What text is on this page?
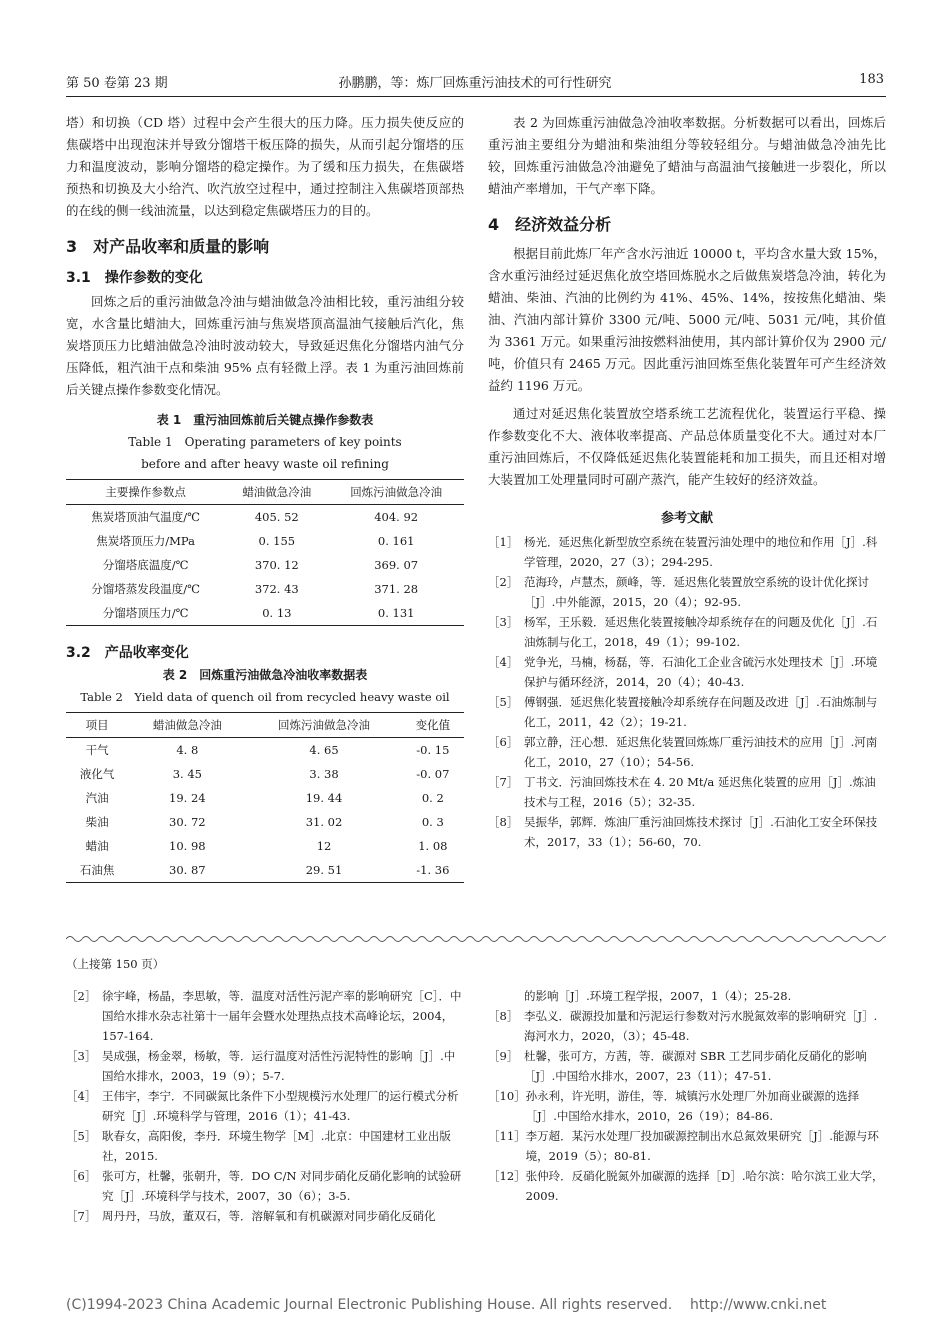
第 50 卷第 23 期	孙鹏鹏，等：炼厂回炼重污油技术的可行性研究	183

塔）和切换（CD 塔）过程中会产生很大的压力降。压力损失使反应的焦碳塔中出现泡沫并导致分馏塔干板压降的损失，从而引起分馏塔的压力和温度波动，影响分馏塔的稳定操作。为了缓和压力损失，在焦碳塔预热和切换及大小给汽、吹汽放空过程中，通过控制注入焦碳塔顶部热的在线的侧一线油流量，以达到稳定焦碳塔压力的目的。

3　对产品收率和质量的影响

3.1　操作参数的变化

回炼之后的重污油做急冷油与蜡油做急冷油相比较，重污油组分较宽，水含量比蜡油大，回炼重污油与焦炭塔顶高温油气接触后汽化，焦炭塔顶压力比蜡油做急冷油时波动较大，导致延迟焦化分馏塔内油气分压降低，粗汽油干点和柴油 95% 点有轻微上浮。表 1 为重污油回炼前后关键点操作参数变化情况。

表 1　重污油回炼前后关键点操作参数表

Table 1　Operating parameters of key points

before and after heavy waste oil refining

主要操作参数点	蜡油做急冷油	回炼污油做急冷油
焦炭塔顶油气温度/℃	405. 52	404. 92
焦炭塔顶压力/MPa	0. 155	0. 161
分馏塔底温度/℃	370. 12	369. 07
分馏塔蒸发段温度/℃	372. 43	371. 28
分馏塔顶压力/℃	0. 13	0. 131

3.2　产品收率变化

表 2　回炼重污油做急冷油收率数据表

Table 2　Yield data of quench oil from recycled heavy waste oil

项目	蜡油做急冷油	回炼污油做急冷油	变化值
干气	4. 8	4. 65	-0. 15
液化气	3. 45	3. 38	-0. 07
汽油	19. 24	19. 44	0. 2
柴油	30. 72	31. 02	0. 3
蜡油	10. 98	12	1. 08
石油焦	30. 87	29. 51	-1. 36

表 2 为回炼重污油做急冷油收率数据。分析数据可以看出，回炼后重污油主要组分为蜡油和柴油组分等较轻组分。与蜡油做急冷油先比较，回炼重污油做急冷油避免了蜡油与高温油气接触进一步裂化，所以蜡油产率增加，干气产率下降。

4　经济效益分析

根据目前此炼厂年产含水污油近 10000 t，平均含水量大致 15%，含水重污油经过延迟焦化放空塔回炼脱水之后做焦炭塔急冷油，转化为蜡油、柴油、汽油的比例约为 41%、45%、14%，按按焦化蜡油、柴油、汽油内部计算价 3300 元/吨、5000 元/吨、5031 元/吨，其价值为 3361 万元。如果重污油按燃料油使用，其内部计算价仅为 2900 元/吨，价值只有 2465 万元。因此重污油回炼至焦化装置年可产生经济效益约 1196 万元。

通过对延迟焦化装置放空塔系统工艺流程优化，装置运行平稳、操作参数变化不大、液体收率提高、产品总体质量变化不大。通过对本厂重污油回炼后，不仅降低延迟焦化装置能耗和加工损失，而且还相对增大装置加工处理量同时可副产蒸汽，能产生较好的经济效益。

参考文献

［1］ 杨光．延迟焦化新型放空系统在装置污油处理中的地位和作用［J］.科学管理，2020，27（3）；294-295.
［2］ 范海玲，卢慧杰，颜峰，等．延迟焦化装置放空系统的设计优化探讨［J］.中外能源，2015，20（4）；92-95.
［3］ 杨军，王乐毅．延迟焦化装置接触冷却系统存在的问题及优化［J］.石油炼制与化工，2018，49（1）；99-102.
［4］ 党争光，马楠，杨磊，等．石油化工企业含硫污水处理技术［J］.环境保护与循环经济，2014，20（4）；40-43.
［5］ 傅钢强．延迟焦化装置接触冷却系统存在问题及改进［J］.石油炼制与化工，2011，42（2）；19-21.
［6］ 郭立静，汪心想．延迟焦化装置回炼炼厂重污油技术的应用［J］.河南化工，2010，27（10）；54-56.
［7］ 丁书文．污油回炼技术在 4. 20 Mt/a 延迟焦化装置的应用［J］.炼油技术与工程，2016（5）；32-35.
［8］ 吴振华，郭辉．炼油厂重污油回炼技术探讨［J］.石油化工安全环保技术，2017，33（1）；56-60，70.
（上接第 150 页）
［2］ 徐宇峰，杨晶，李思敏，等．温度对活性污泥产率的影响研究［C］．中国给水排水杂志社第十一届年会暨水处理热点技术高峰论坛，2004，157-164.
［3］ 吴成强，杨金翠，杨敏，等．运行温度对活性污泥特性的影响［J］.中国给水排水，2003，19（9）；5-7.
［4］ 王伟宇，李宁．不同碳氮比条件下小型规模污水处理厂的运行模式分析研究［J］.环境科学与管理，2016（1）；41-43.
［5］ 耿春女，高阳俊，李丹．环境生物学［M］.北京：中国建材工业出版社，2015.
［6］ 张可方，杜馨，张朝升，等．DO C/N 对同步硝化反硝化影响的试验研究［J］.环境科学与技术，2007，30（6）；3-5.
［7］ 周丹丹，马放，董双石，等．溶解氧和有机碳源对同步硝化反硝化
的影响［J］.环境工程学报，2007，1（4）；25-28.
［8］ 李弘义．碳源投加量和污泥运行参数对污水脱氮效率的影响研究［J］.海河水力，2020，（3）；45-48.
［9］ 杜馨，张可方，方茜，等．碳源对 SBR 工艺同步硝化反硝化的影响［J］.中国给水排水，2007，23（11）；47-51.
［10］ 孙永利，许光明，游佳，等．城镇污水处理厂外加商业碳源的选择［J］.中国给水排水，2010，26（19）；84-86.
［11］ 李万超．某污水处理厂投加碳源控制出水总氮效果研究［J］.能源与环境，2019（5）；80-81.
［12］ 张仲玲．反硝化脱氮外加碳源的选择［D］.哈尔滨：哈尔滨工业大学，2009.
(C)1994-2023 China Academic Journal Electronic Publishing House. All rights reserved.    http://www.cnki.net
